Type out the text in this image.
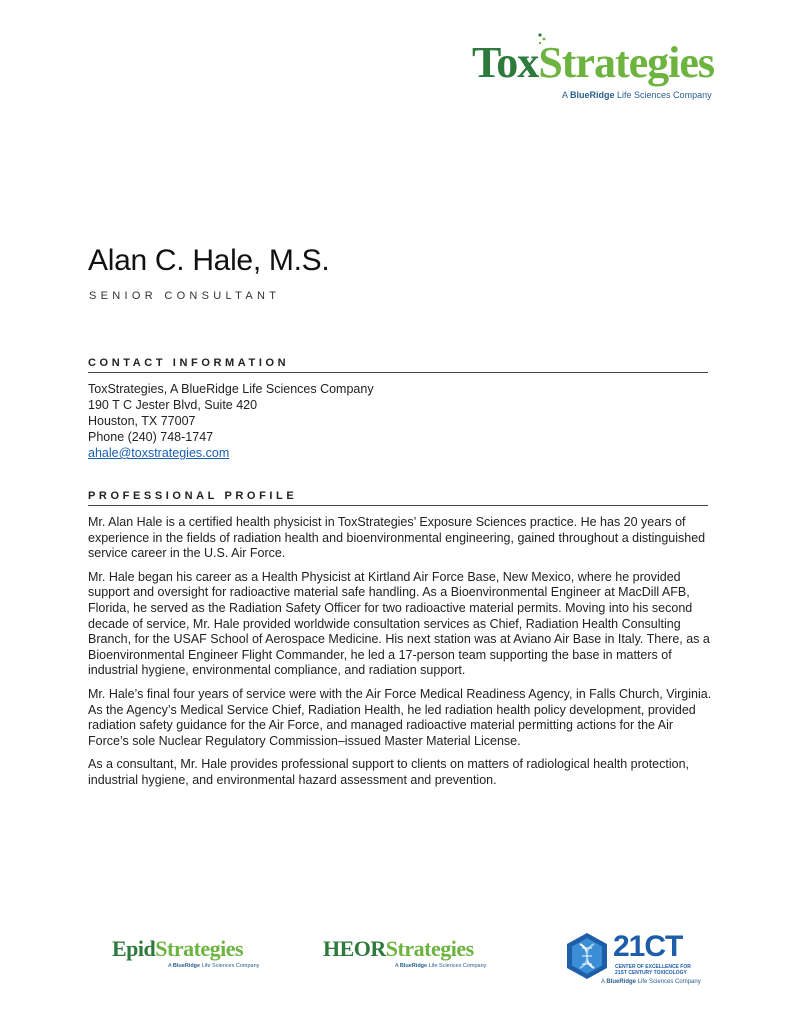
ToxStrategies
A BlueRidge Life Sciences Company
Alan C. Hale, M.S.
SENIOR CONSULTANT
CONTACT INFORMATION
ToxStrategies, A BlueRidge Life Sciences Company
190 T C Jester Blvd, Suite 420
Houston, TX 77007
Phone (240) 748-1747
ahale@toxstrategies.com
PROFESSIONAL PROFILE

Mr. Alan Hale is a certified health physicist in ToxStrategies’ Exposure Sciences practice. He has 20 years of experience in the fields of radiation health and bioenvironmental engineering, gained throughout a distinguished service career in the U.S. Air Force.

Mr. Hale began his career as a Health Physicist at Kirtland Air Force Base, New Mexico, where he provided support and oversight for radioactive material safe handling. As a Bioenvironmental Engineer at MacDill AFB, Florida, he served as the Radiation Safety Officer for two radioactive material permits. Moving into his second decade of service, Mr. Hale provided worldwide consultation services as Chief, Radiation Health Consulting Branch, for the USAF School of Aerospace Medicine. His next station was at Aviano Air Base in Italy. There, as a Bioenvironmental Engineer Flight Commander, he led a 17-person team supporting the base in matters of industrial hygiene, environmental compliance, and radiation support.

Mr. Hale’s final four years of service were with the Air Force Medical Readiness Agency, in Falls Church, Virginia. As the Agency’s Medical Service Chief, Radiation Health, he led radiation health policy development, provided radiation safety guidance for the Air Force, and managed radioactive material permitting actions for the Air Force’s sole Nuclear Regulatory Commission–issued Master Material License.

As a consultant, Mr. Hale provides professional support to clients on matters of radiological health protection, industrial hygiene, and environmental hazard assessment and prevention.

EpidStrategies
A BlueRidge Life Sciences Company
HEORStrategies
A BlueRidge Life Sciences Company
21CT
CENTER OF EXCELLENCE FOR
21ST CENTURY TOXICOLOGY
A BlueRidge Life Sciences Company
